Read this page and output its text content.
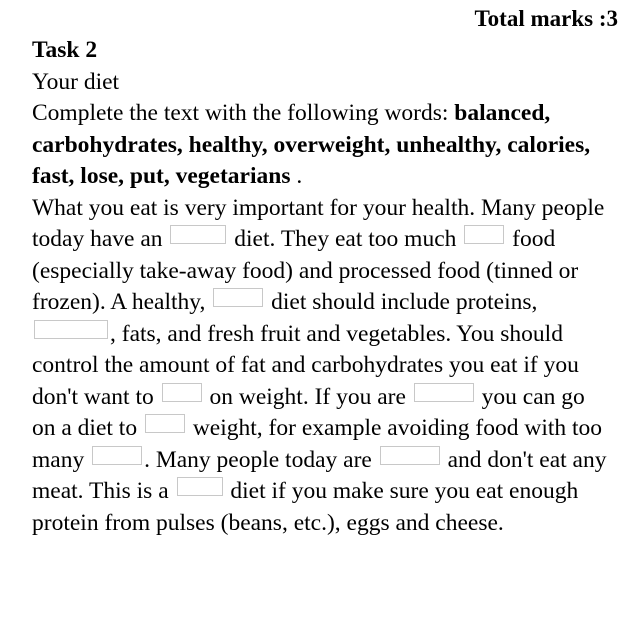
Total marks :3
Task 2
Your diet
Complete the text with the following words: balanced, carbohydrates, healthy, overweight, unhealthy, calories, fast, lose, put, vegetarians .
What you eat is very important for your health. Many people today have an	diet. They eat too much  food (especially take-away food) and processed food (tinned or frozen). A healthy,  diet should include proteins, , fats, and fresh fruit and vegetables. You should control the amount of fat and carbohydrates you eat if you don't want to  on weight. If you are	you can go on a diet to  weight, for example avoiding food with too many . Many people today are	and don't eat any meat. This is a  diet if you make sure you eat enough protein from pulses (beans, etc.), eggs and cheese.
